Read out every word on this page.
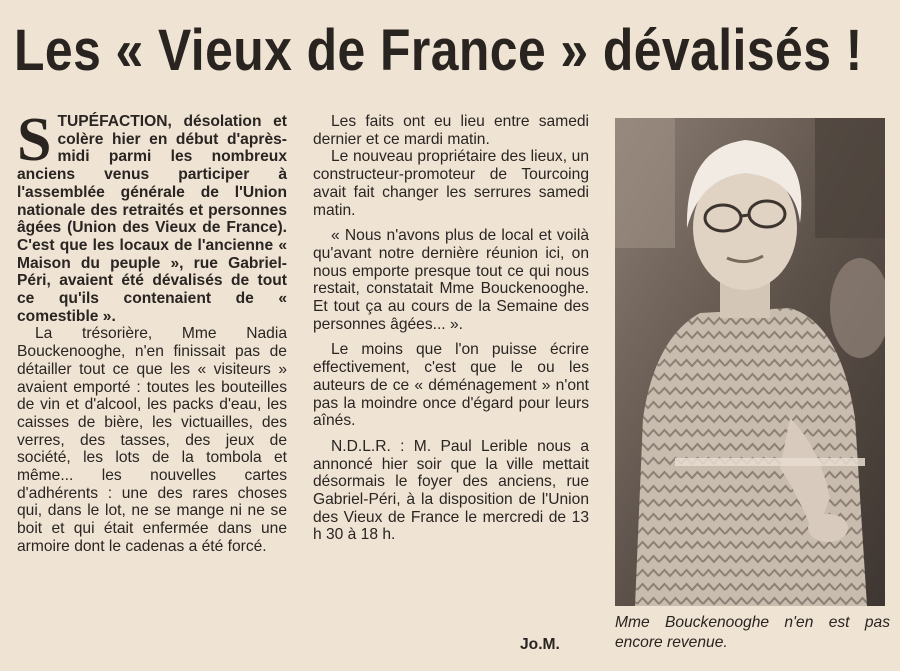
Les « Vieux de France » dévalisés !

STUPÉFACTION, désolation et colère hier en début d'après-midi parmi les nombreux anciens venus participer à l'assemblée générale de l'Union nationale des retraités et personnes âgées (Union des Vieux de France). C'est que les locaux de l'ancienne « Maison du peuple », rue Gabriel-Péri, avaient été dévalisés de tout ce qu'ils contenaient de « comestible ».

La trésorière, Mme Nadia Bouckenooghe, n'en finissait pas de détailler tout ce que les « visiteurs » avaient emporté : toutes les bouteilles de vin et d'alcool, les packs d'eau, les caisses de bière, les victuailles, des verres, des tasses, des jeux de société, les lots de la tombola et même... les nouvelles cartes d'adhérents : une des rares choses qui, dans le lot, ne se mange ni ne se boit et qui était enfermée dans une armoire dont le cadenas a été forcé.

Les faits ont eu lieu entre samedi dernier et ce mardi matin.

Le nouveau propriétaire des lieux, un constructeur-promoteur de Tourcoing avait fait changer les serrures samedi matin.

« Nous n'avons plus de local et voilà qu'avant notre dernière réunion ici, on nous emporte presque tout ce qui nous restait, constatait Mme Bouckenooghe. Et tout ça au cours de la Semaine des personnes âgées... ».

Le moins que l'on puisse écrire effectivement, c'est que le ou les auteurs de ce « déménagement » n'ont pas la moindre once d'égard pour leurs aînés.

N.D.L.R. : M. Paul Lerible nous a annoncé hier soir que la ville mettait désormais le foyer des anciens, rue Gabriel-Péri, à la disposition de l'Union des Vieux de France le mercredi de 13 h 30 à 18 h.

Jo.M.
Mme Bouckenooghe n'en est pas encore revenue.
